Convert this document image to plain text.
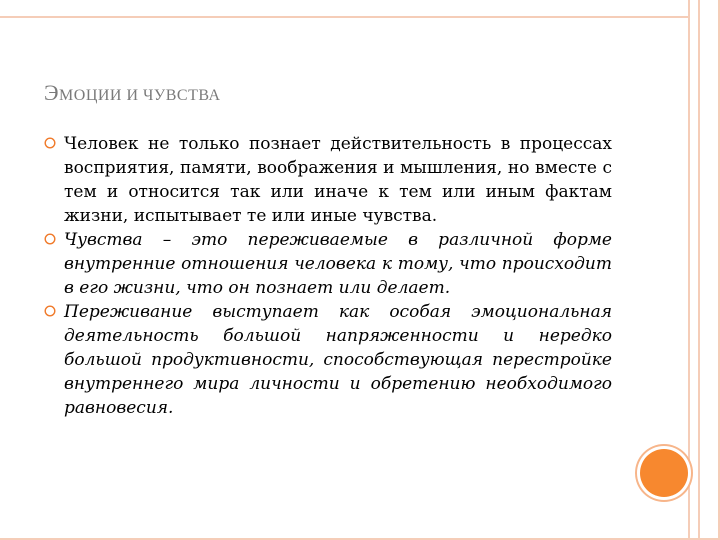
ЭМОЦИИ И ЧУВСТВА
Человек не только познает действительность в процессах восприятия, памяти, воображения и мышления, но вместе с тем и относится так или иначе к тем или иным фактам жизни, испытывает те или иные чувства.
Чувства – это переживаемые в различной форме внутренние отношения человека к тому, что происходит в его жизни, что он познает или делает.
Переживание выступает как особая эмоциональная деятельность большой напряженности и нередко большой продуктивности, способствующая перестройке внутреннего мира личности и обретению необходимого равновесия.
